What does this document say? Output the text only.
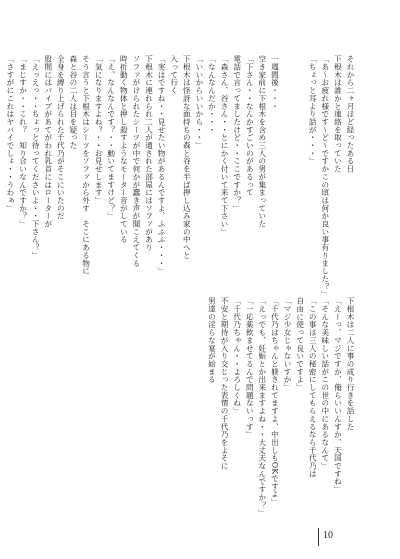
それから二ヶ月ほど経ったある日
下根木は誰かと連絡を取っていた
「あ～お疲れ様です～ど～ですかこの頃は何か良い事有りました？」
「ちょっと耳より話が・・・」

一週間後・・・
空き家前に下根木を含め三人の男が集まっていた
「下さん・・なんかすごいのがあるって
電話で言ってましたけど・・ここですか？」
「森さん、谷さん・・とにかく付いて来て下さい」
「なんなんだか・・・
「いいからいいから・・」
下根木は怪訝な面持ちの森と谷を半ば押し込み家の中へと
入って行く
「実はですね・・見せたい物があるんですよ、ふふふ・・・」
下根木に連れられ二人が通された部屋にはソファがあり
ソファがけられたシーツが中で何かが蠢き声が聞こえてくる
時折動く物体と押し殺すようなモーター音がしている
「え、なんなんです？・・動いてますけど？」
「気になりますよね？・・お見せします」
そう言うと下根木はシーツをソファから外す　そこにある物に
森と谷の二人は目を疑った
全身を縛り上げられた千代乃がそこにいたのだ
股間にはバイブがあてがわれ乳首にはローターが
「えっえっ・・ちょっと待ってくださいよ・・下さん？」
「まじすか・・これ？　知り合いなんですか？」
「さすがにこれはヤバイでしょ・・うわぁ」
下根木は二人に事の成り行きを話した
「えーっ、マジですか、俺らいいんすか、天国ですね」
「そんな美味しい話がこの世の中にあるなんて」
「この事は三人の秘密にしてもらえるなら千代乃は
自由に使って良いですよ」
「マジ少女じゃないすか」
「千代乃はちゃんと躾されてますよ、中出しもOKですよ」
「えっでも、妊娠とか出来ますよね・・大丈夫なんですか？」
「一応薬飲ませてるんで問題ないっす」
「千代乃ちゃん・・よろしくね」
不安と期待が入り交じった表情の千代乃をよそに
男達の淫らな宴が始まる
10
